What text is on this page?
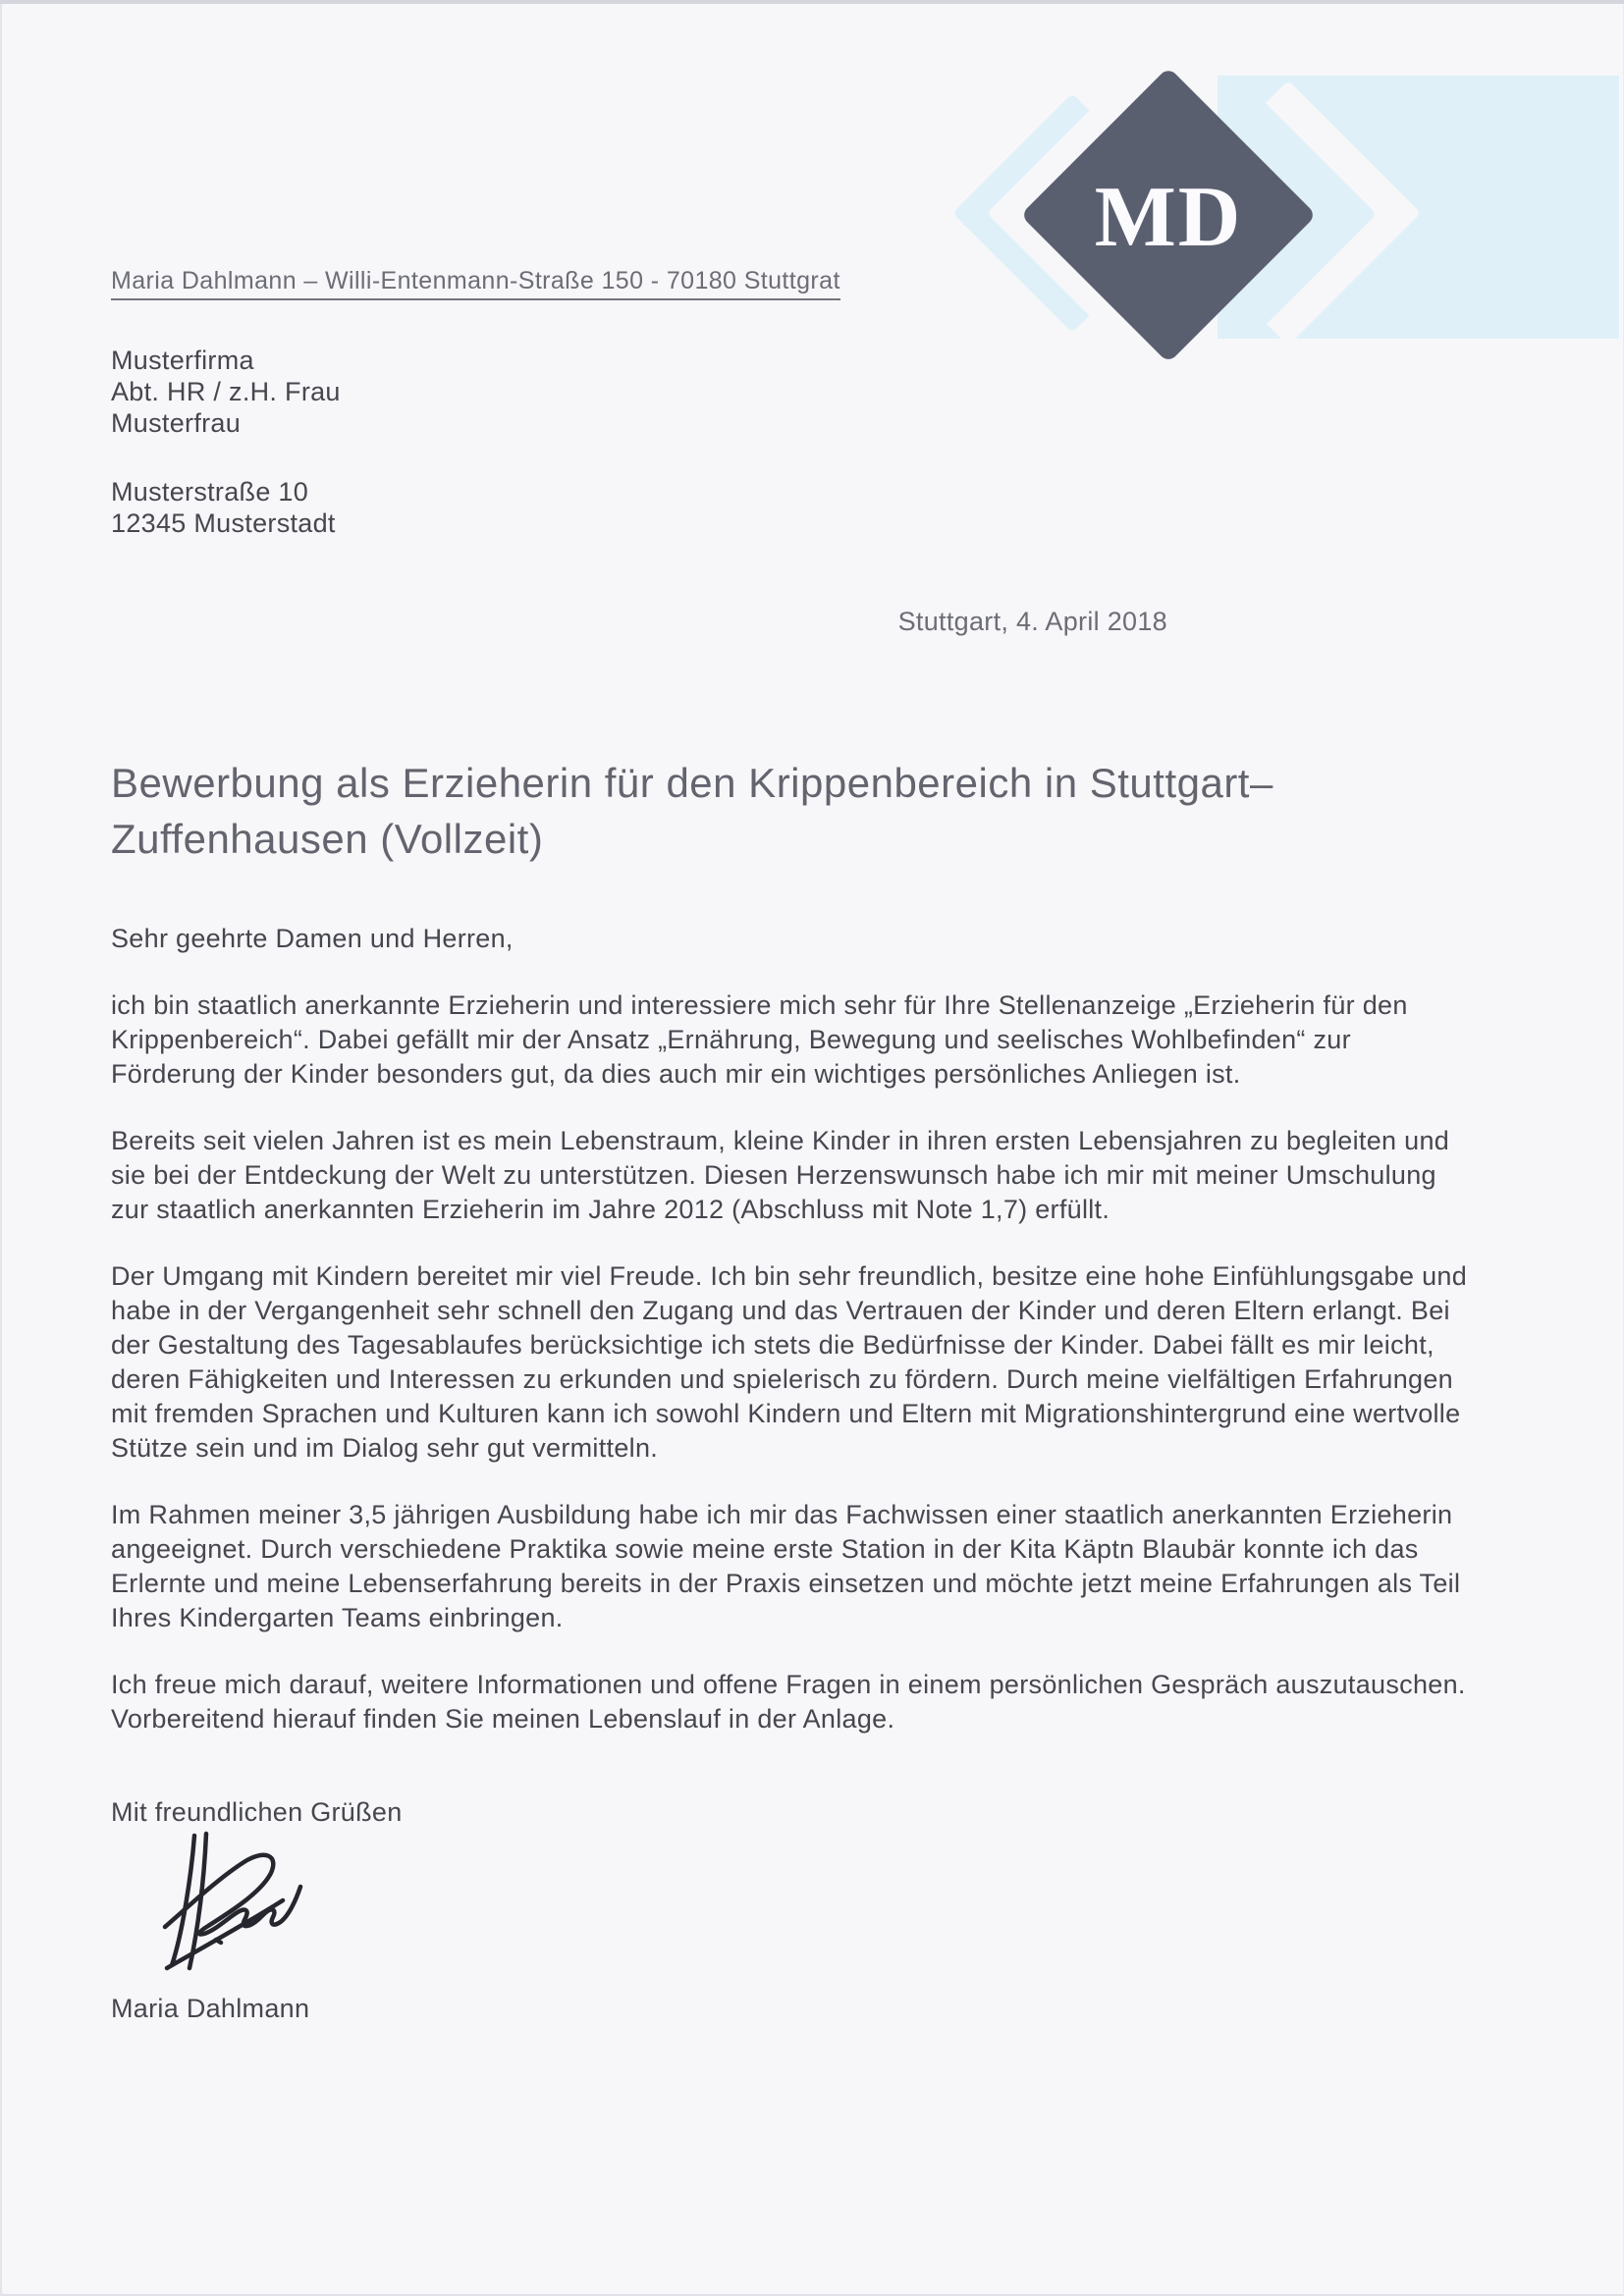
MD
Maria Dahlmann – Willi-Entenmann-Straße 150 - 70180 Stuttgrat
Musterfirma
Abt. HR / z.H. Frau
Musterfrau
Musterstraße 10
12345 Musterstadt
Stuttgart, 4. April 2018
Bewerbung als Erzieherin für den Krippenbereich in Stuttgart–Zuffenhausen (Vollzeit)
Sehr geehrte Damen und Herren,

ich bin staatlich anerkannte Erzieherin und interessiere mich sehr für Ihre Stellenanzeige „Erzieherin für den Krippenbereich“. Dabei gefällt mir der Ansatz „Ernährung, Bewegung und seelisches Wohlbefinden“ zur Förderung der Kinder besonders gut, da dies auch mir ein wichtiges persönliches Anliegen ist.

Bereits seit vielen Jahren ist es mein Lebenstraum, kleine Kinder in ihren ersten Lebensjahren zu begleiten und sie bei der Entdeckung der Welt zu unterstützen. Diesen Herzenswunsch habe ich mir mit meiner Umschulung zur staatlich anerkannten Erzieherin im Jahre 2012 (Abschluss mit Note 1,7) erfüllt.

Der Umgang mit Kindern bereitet mir viel Freude. Ich bin sehr freundlich, besitze eine hohe Einfühlungsgabe und habe in der Vergangenheit sehr schnell den Zugang und das Vertrauen der Kinder und deren Eltern erlangt. Bei der Gestaltung des Tagesablaufes berücksichtige ich stets die Bedürfnisse der Kinder. Dabei fällt es mir leicht, deren Fähigkeiten und Interessen zu erkunden und spielerisch zu fördern. Durch meine vielfältigen Erfahrungen mit fremden Sprachen und Kulturen kann ich sowohl Kindern und Eltern mit Migrationshintergrund eine wertvolle Stütze sein und im Dialog sehr gut vermitteln.

Im Rahmen meiner 3,5 jährigen Ausbildung habe ich mir das Fachwissen einer staatlich anerkannten Erzieherin angeeignet. Durch verschiedene Praktika sowie meine erste Station in der Kita Käptn Blaubär konnte ich das Erlernte und meine Lebenserfahrung bereits in der Praxis einsetzen und möchte jetzt meine Erfahrungen als Teil Ihres Kindergarten Teams einbringen.

Ich freue mich darauf, weitere Informationen und offene Fragen in einem persönlichen Gespräch auszutauschen. Vorbereitend hierauf finden Sie meinen Lebenslauf in der Anlage.

Mit freundlichen Grüßen
Maria Dahlmann
